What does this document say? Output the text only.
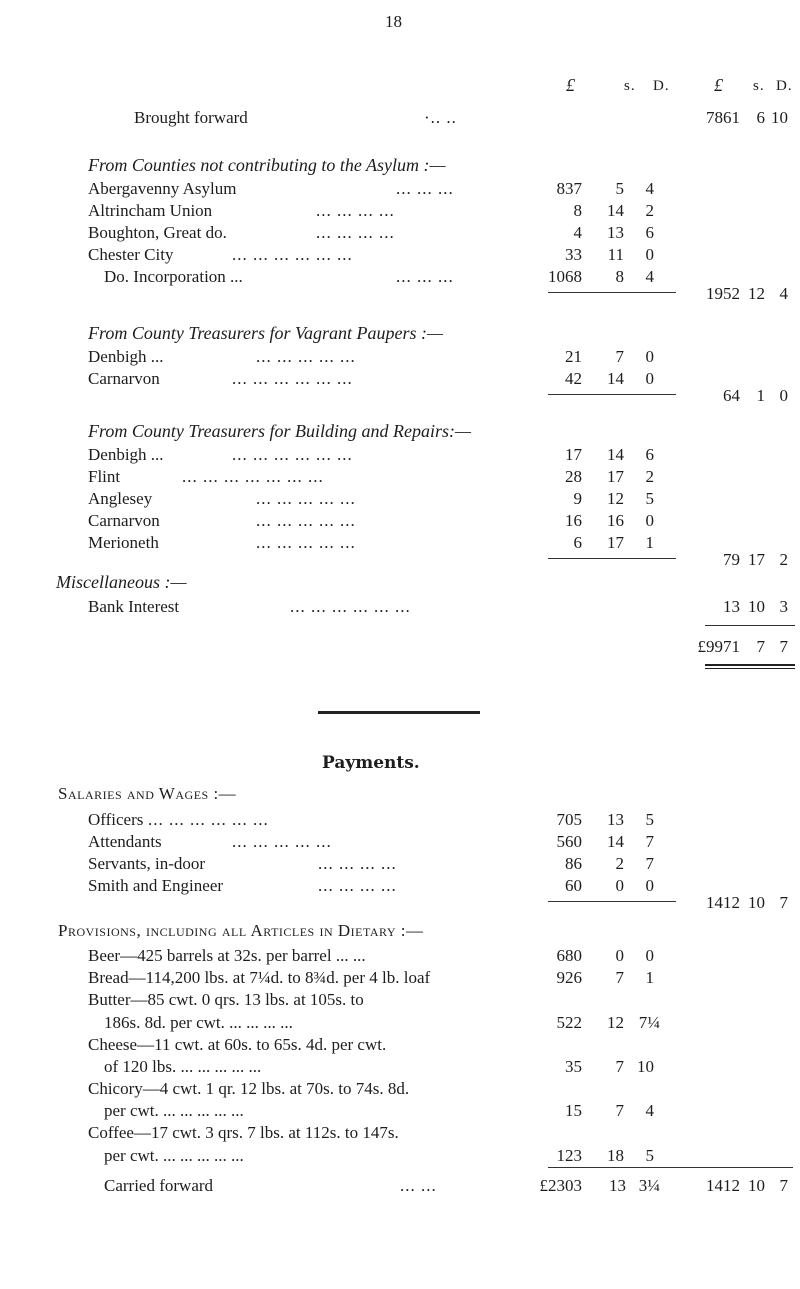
18
£	s. D. £ s. D.
Brought forward	·.. ..	7861 6 10
From Counties not contributing to the Asylum :—
Abergavenny Asylum	... ... ...	837	5	4
Altrincham Union	... ... ... ...	8	14	2
Boughton, Great do.	... ... ... ...	4	13	6
Chester City	... ... ... ... ... ...	33	11	0
Do. Incorporation ...	... ... ...	1068	8	4
1952 12 4
From County Treasurers for Vagrant Paupers :—
Denbigh ...	... ... ... ... ...	21	7	0
Carnarvon	... ... ... ... ... ...	42	14	0
64 1 0
From County Treasurers for Building and Repairs:—
Denbigh ...	... ... ... ... ... ...	17	14	6
Flint	... ... ... ... ... ... ...	28	17	2
Anglesey	... ... ... ... ...	9	12	5
Carnarvon	... ... ... ... ...	16	16	0
Merioneth	... ... ... ... ...	6	17	1
79 17 2
Miscellaneous :—
Bank Interest	... ... ... ... ... ...	13 10 3
£9971 7 7
Payments.
Salaries and Wages :—
Officers ... ... ... ... ... ...	705	13	5
Attendants	... ... ... ... ...	560	14	7
Servants, in-door	... ... ... ...	86	2	7
Smith and Engineer	... ... ... ...	60	0	0
1412 10 7
Provisions, including all Articles in Dietary :—
Beer—425 barrels at 32s. per barrel ... ...	680	0	0
Bread—114,200 lbs. at 7¼d. to 8¾d. per 4 lb. loaf	926	7	1
Butter—85 cwt. 0 qrs. 13 lbs. at 105s. to
186s. 8d. per cwt. ... ... ... ...	522	12 7¼
Cheese—11 cwt. at 60s. to 65s. 4d. per cwt.
of 120 lbs. ... ... ... ... ...	35	7 10
Chicory—4 cwt. 1 qr. 12 lbs. at 70s. to 74s. 8d.
per cwt. ... ... ... ... ...	15	7	4
Coffee—17 cwt. 3 qrs. 7 lbs. at 112s. to 147s.
per cwt. ... ... ... ... ...	123	18	5
Carried forward	... ...	£2303	13 3¼	1412 10 7
